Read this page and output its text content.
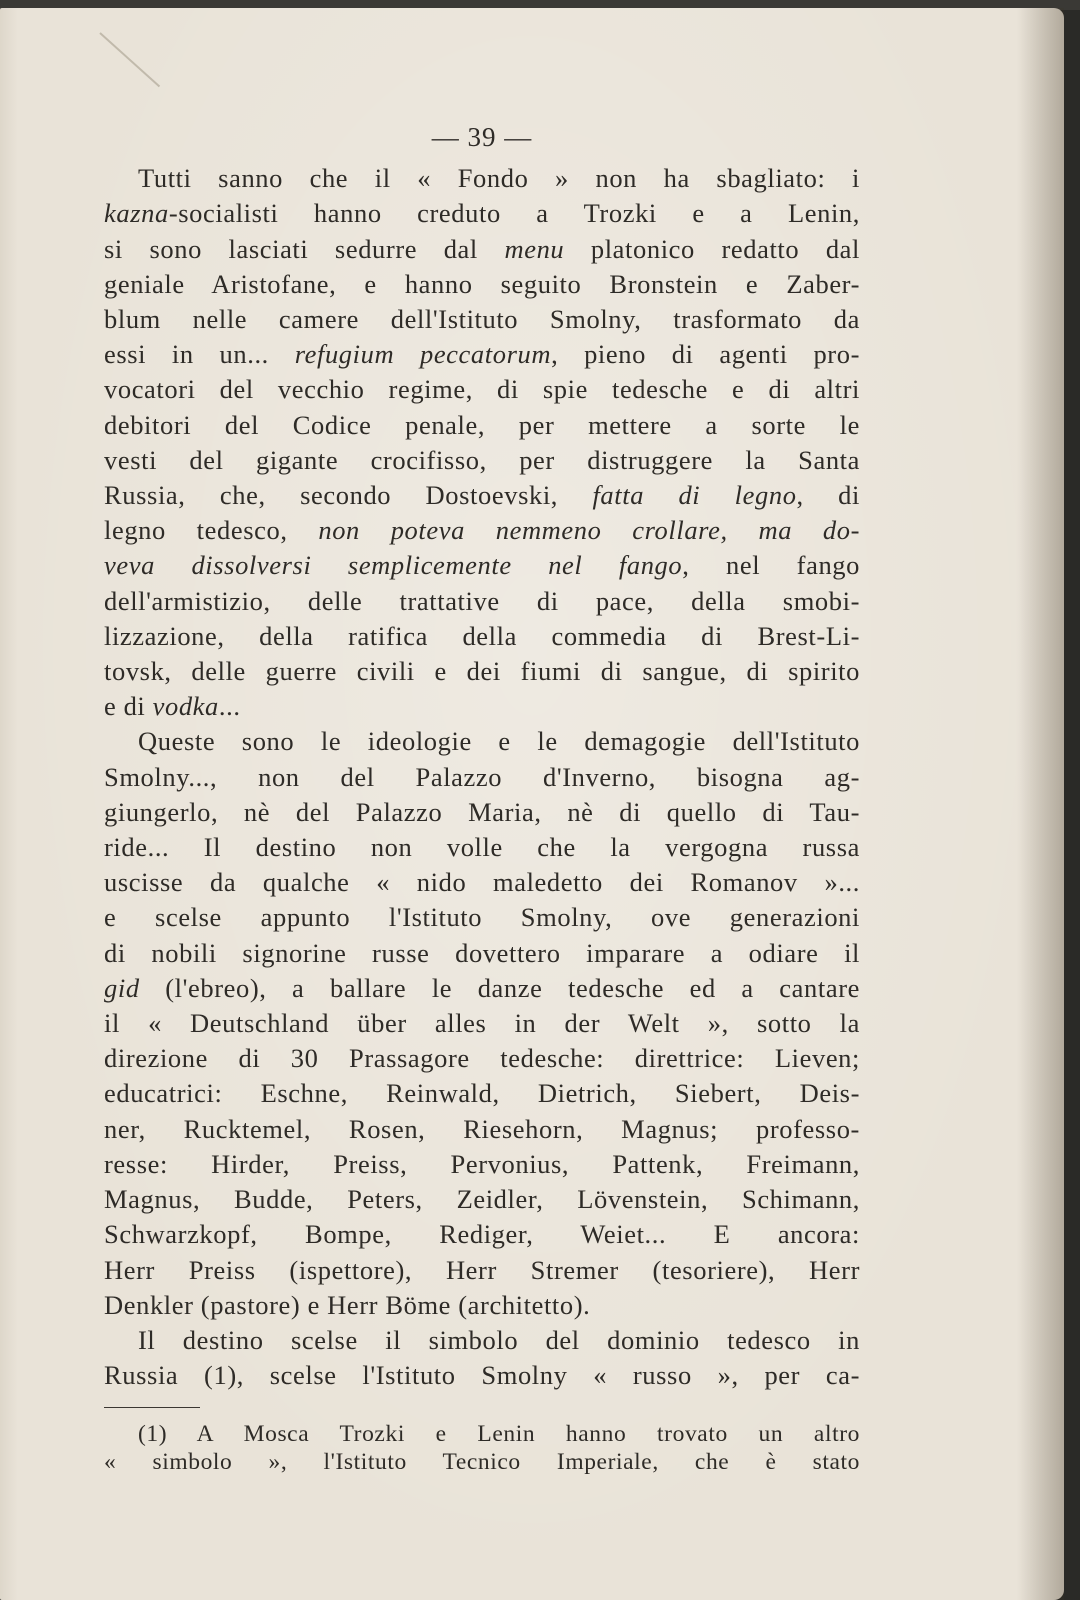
— 39 —
Tutti sanno che il « Fondo » non ha sbagliato: i
kazna-socialisti hanno creduto a Trozki e a Lenin,
si sono lasciati sedurre dal menu platonico redatto dal
geniale Aristofane, e hanno seguito Bronstein e Zaber-
blum nelle camere dell'Istituto Smolny, trasformato da
essi in un... refugium peccatorum, pieno di agenti pro-
vocatori del vecchio regime, di spie tedesche e di altri
debitori del Codice penale, per mettere a sorte le
vesti del gigante crocifisso, per distruggere la Santa
Russia, che, secondo Dostoevski, fatta di legno, di
legno tedesco, non poteva nemmeno crollare, ma do-
veva dissolversi semplicemente nel fango, nel fango
dell'armistizio, delle trattative di pace, della smobi-
lizzazione, della ratifica della commedia di Brest-Li-
tovsk, delle guerre civili e dei fiumi di sangue, di spirito
e di vodka...
Queste sono le ideologie e le demagogie dell'Istituto
Smolny..., non del Palazzo d'Inverno, bisogna ag-
giungerlo, nè del Palazzo Maria, nè di quello di Tau-
ride... Il destino non volle che la vergogna russa
uscisse da qualche « nido maledetto dei Romanov »...
e scelse appunto l'Istituto Smolny, ove generazioni
di nobili signorine russe dovettero imparare a odiare il
gid (l'ebreo), a ballare le danze tedesche ed a cantare
il « Deutschland über alles in der Welt », sotto la
direzione di 30 Prassagore tedesche: direttrice: Lieven;
educatrici: Eschne, Reinwald, Dietrich, Siebert, Deis-
ner, Rucktemel, Rosen, Riesehorn, Magnus; professo-
resse: Hirder, Preiss, Pervonius, Pattenk, Freimann,
Magnus, Budde, Peters, Zeidler, Lövenstein, Schimann,
Schwarzkopf, Bompe, Rediger, Weiet... E ancora:
Herr Preiss (ispettore), Herr Stremer (tesoriere), Herr
Denkler (pastore) e Herr Böme (architetto).
Il destino scelse il simbolo del dominio tedesco in
Russia (1), scelse l'Istituto Smolny « russo », per ca-
(1) A Mosca Trozki e Lenin hanno trovato un altro
« simbolo », l'Istituto Tecnico Imperiale, che è stato
